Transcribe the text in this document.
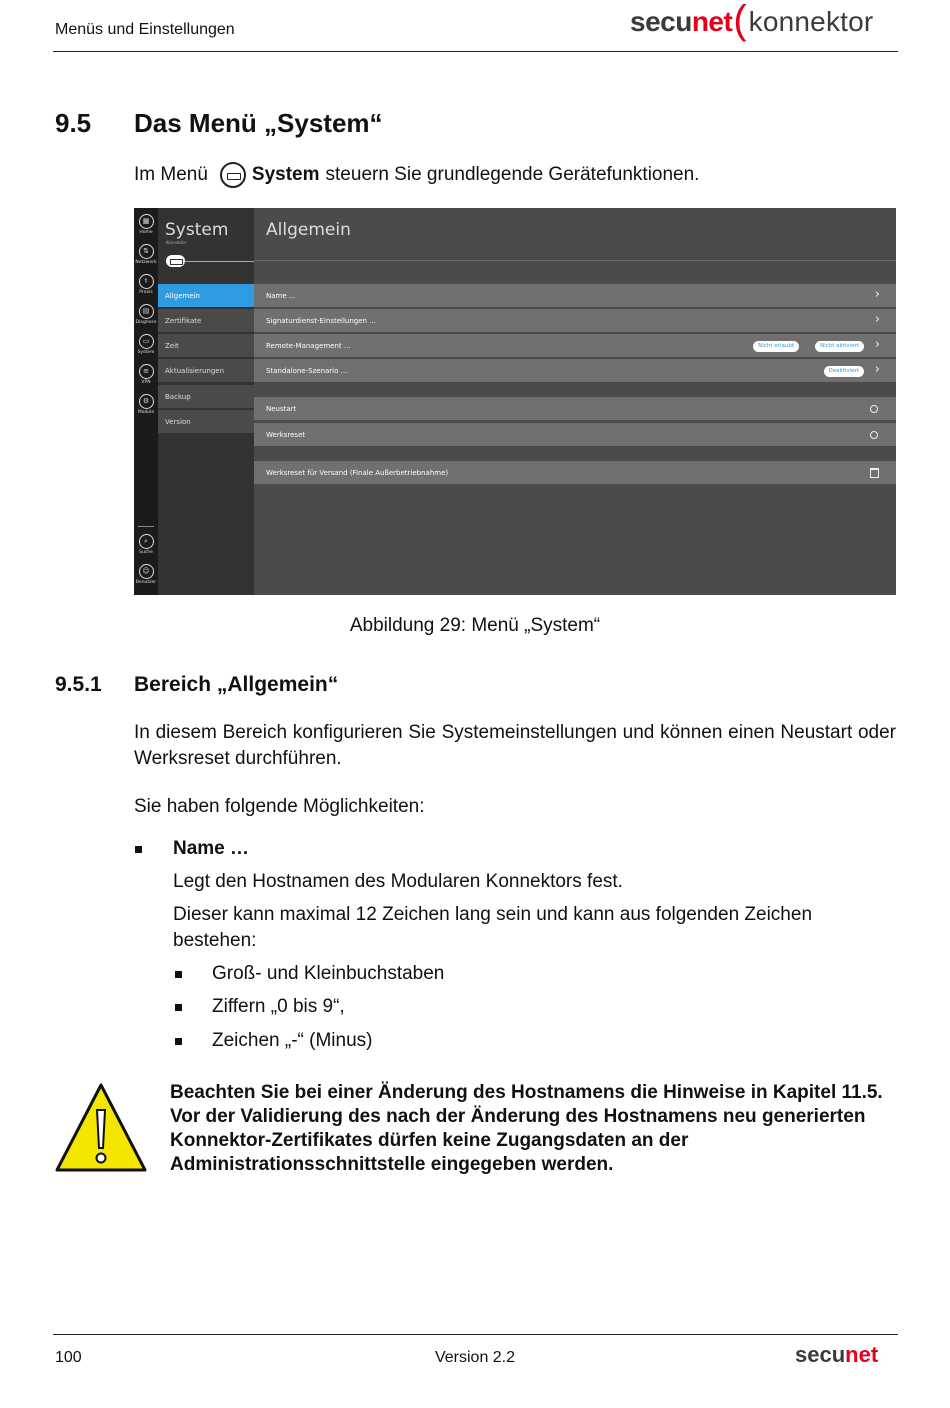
Menüs und Einstellungen	secu net ( konnektor
9.5 Das Menü „System“
Im Menü System steuern Sie grundlegende Gerätefunktionen.
▦
Home
⇅
Netzwerk
⚕
Praxis
▤
Diagnose
▭
System
≡
VPN
⚙
Module
⌕
Suche
☺
Benutzer
System
Konnektor
Allgemein
Zertifikate
Zeit
Aktualisierungen
Backup
Version
Allgemein
Name ...	›
Signaturdienst-Einstellungen ...	›
Remote-Management ...	Nicht erlaubt	Nicht aktiviert	›
Standalone-Szenario ...	Deaktiviert	›
Neustart
Werksreset
Werksreset für Versand (Finale Außerbetriebnahme)
Abbildung 29: Menü „System“
9.5.1 Bereich „Allgemein“
In diesem Bereich konfigurieren Sie Systemeinstellungen und können einen Neustart oder Werksreset durchführen.
Sie haben folgende Möglichkeiten:
Name …
Legt den Hostnamen des Modularen Konnektors fest.
Dieser kann maximal 12 Zeichen lang sein und kann aus folgenden Zeichen bestehen:
Groß- und Kleinbuchstaben
Ziffern „0 bis 9“,
Zeichen „-“ (Minus)
Beachten Sie bei einer Änderung des Hostnamens die Hinweise in Kapitel 11.5. Vor der Validierung des nach der Änderung des Hostnamens neu generierten Konnektor-Zertifikates dürfen keine Zugangsdaten an der Administrationsschnittstelle eingegeben werden.
100	Version 2.2	secunet
